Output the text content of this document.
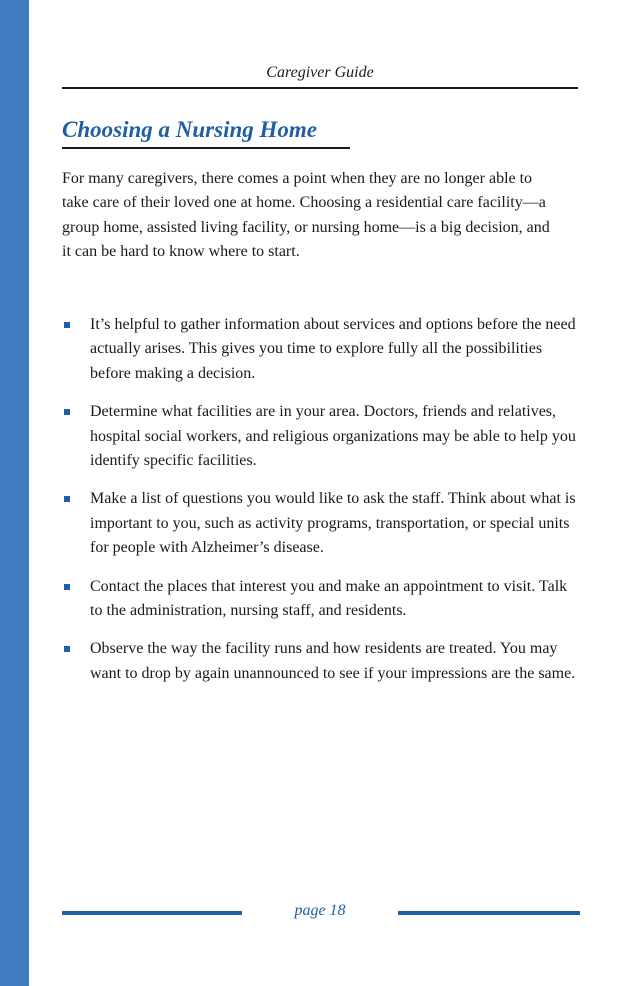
Caregiver Guide
Choosing a Nursing Home

For many caregivers, there comes a point when they are no longer able to take care of their loved one at home. Choosing a residential care facility—a group home, assisted living facility, or nursing home—is a big decision, and it can be hard to know where to start.

It’s helpful to gather information about services and options before the need actually arises. This gives you time to explore fully all the possibilities before making a decision.
Determine what facilities are in your area. Doctors, friends and relatives, hospital social workers, and religious organizations may be able to help you identify specific facilities.
Make a list of questions you would like to ask the staff. Think about what is important to you, such as activity programs, transportation, or special units for people with Alzheimer’s disease.
Contact the places that interest you and make an appointment to visit. Talk to the administration, nursing staff, and residents.
Observe the way the facility runs and how residents are treated. You may want to drop by again unannounced to see if your impressions are the same.
page 18
